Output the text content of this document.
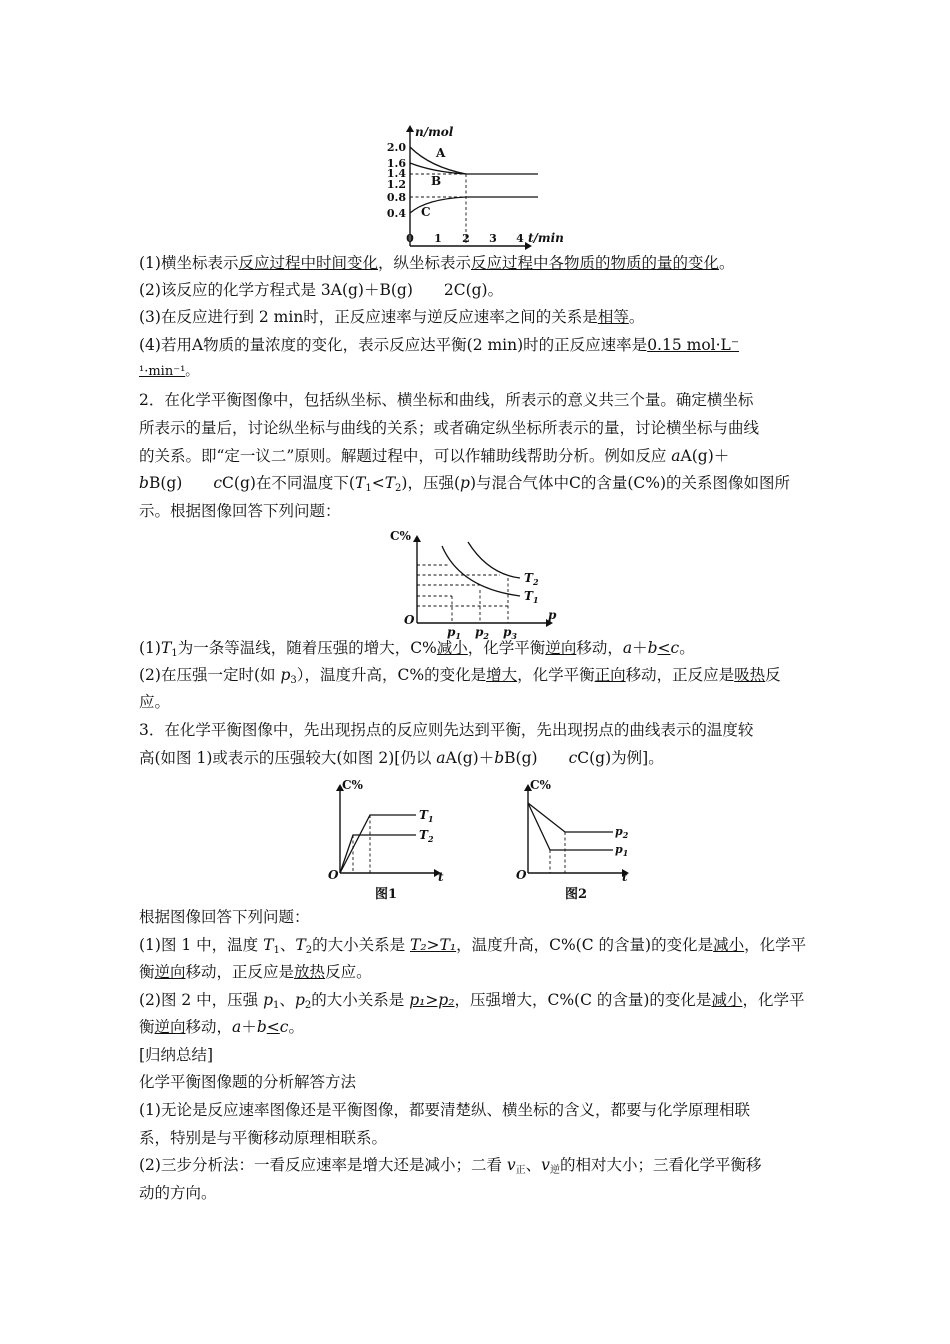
n/mol
t/min
2.0
1.6
1.4
1.2
0.8
0.4
0 1 2 3 4
A
B
C
(1)横坐标表示反应过程中时间变化，纵坐标表示反应过程中各物质的物质的量的变化。
(2)该反应的化学方程式是 3A(g)＋B(g)　　2C(g)。
(3)在反应进行到 2 min时，正反应速率与逆反应速率之间的关系是相等。
(4)若用A物质的量浓度的变化，表示反应达平衡(2 min)时的正反应速率是0.15 mol·L⁻
¹·min⁻¹。
2．在化学平衡图像中，包括纵坐标、横坐标和曲线，所表示的意义共三个量。确定横坐标
所表示的量后，讨论纵坐标与曲线的关系；或者确定纵坐标所表示的量，讨论横坐标与曲线
的关系。即“定一议二”原则。解题过程中，可以作辅助线帮助分析。例如反应 aA(g)＋
bB(g)　　cC(g)在不同温度下$(T_1<T_2)$，压强(p)与混合气体中C的含量(C%)的关系图像如图所
示。根据图像回答下列问题：
C%
O	p
$T_2$
$T_1$
$p_1$ $p_2$ $p_3$
$(1)T_1$为一条等温线，随着压强的增大，C%减小，化学平衡逆向移动，a＋b<c。
(2)在压强一定时(如 $p_3$），温度升高，C%的变化是增大，化学平衡正向移动，正反应是吸热反
应。
3．在化学平衡图像中，先出现拐点的反应则先达到平衡，先出现拐点的曲线表示的温度较
高(如图 1)或表示的压强较大(如图 2)[仍以 aA(g)＋bB(g)　　cC(g)为例]。
C%
O	t
$T_1$
$T_2$
图1
C%
O	t
$p_2$
$p_1$
图2
根据图像回答下列问题：
(1)图 1 中，温度 $T_1$、$T_2$的大小关系是 T₂>T₁，温度升高，C%(C 的含量)的变化是减小，化学平
衡逆向移动，正反应是放热反应。
(2)图 2 中，压强 $p_1$、$p_2$的大小关系是 p₁>p₂，压强增大，C%(C 的含量)的变化是减小，化学平
衡逆向移动，a＋b<c。
[归纳总结]
化学平衡图像题的分析解答方法
(1)无论是反应速率图像还是平衡图像，都要清楚纵、横坐标的含义，都要与化学原理相联
系，特别是与平衡移动原理相联系。
(2)三步分析法：一看反应速率是增大还是减小；二看 $v_正$、$v_逆$的相对大小；三看化学平衡移
动的方向。
